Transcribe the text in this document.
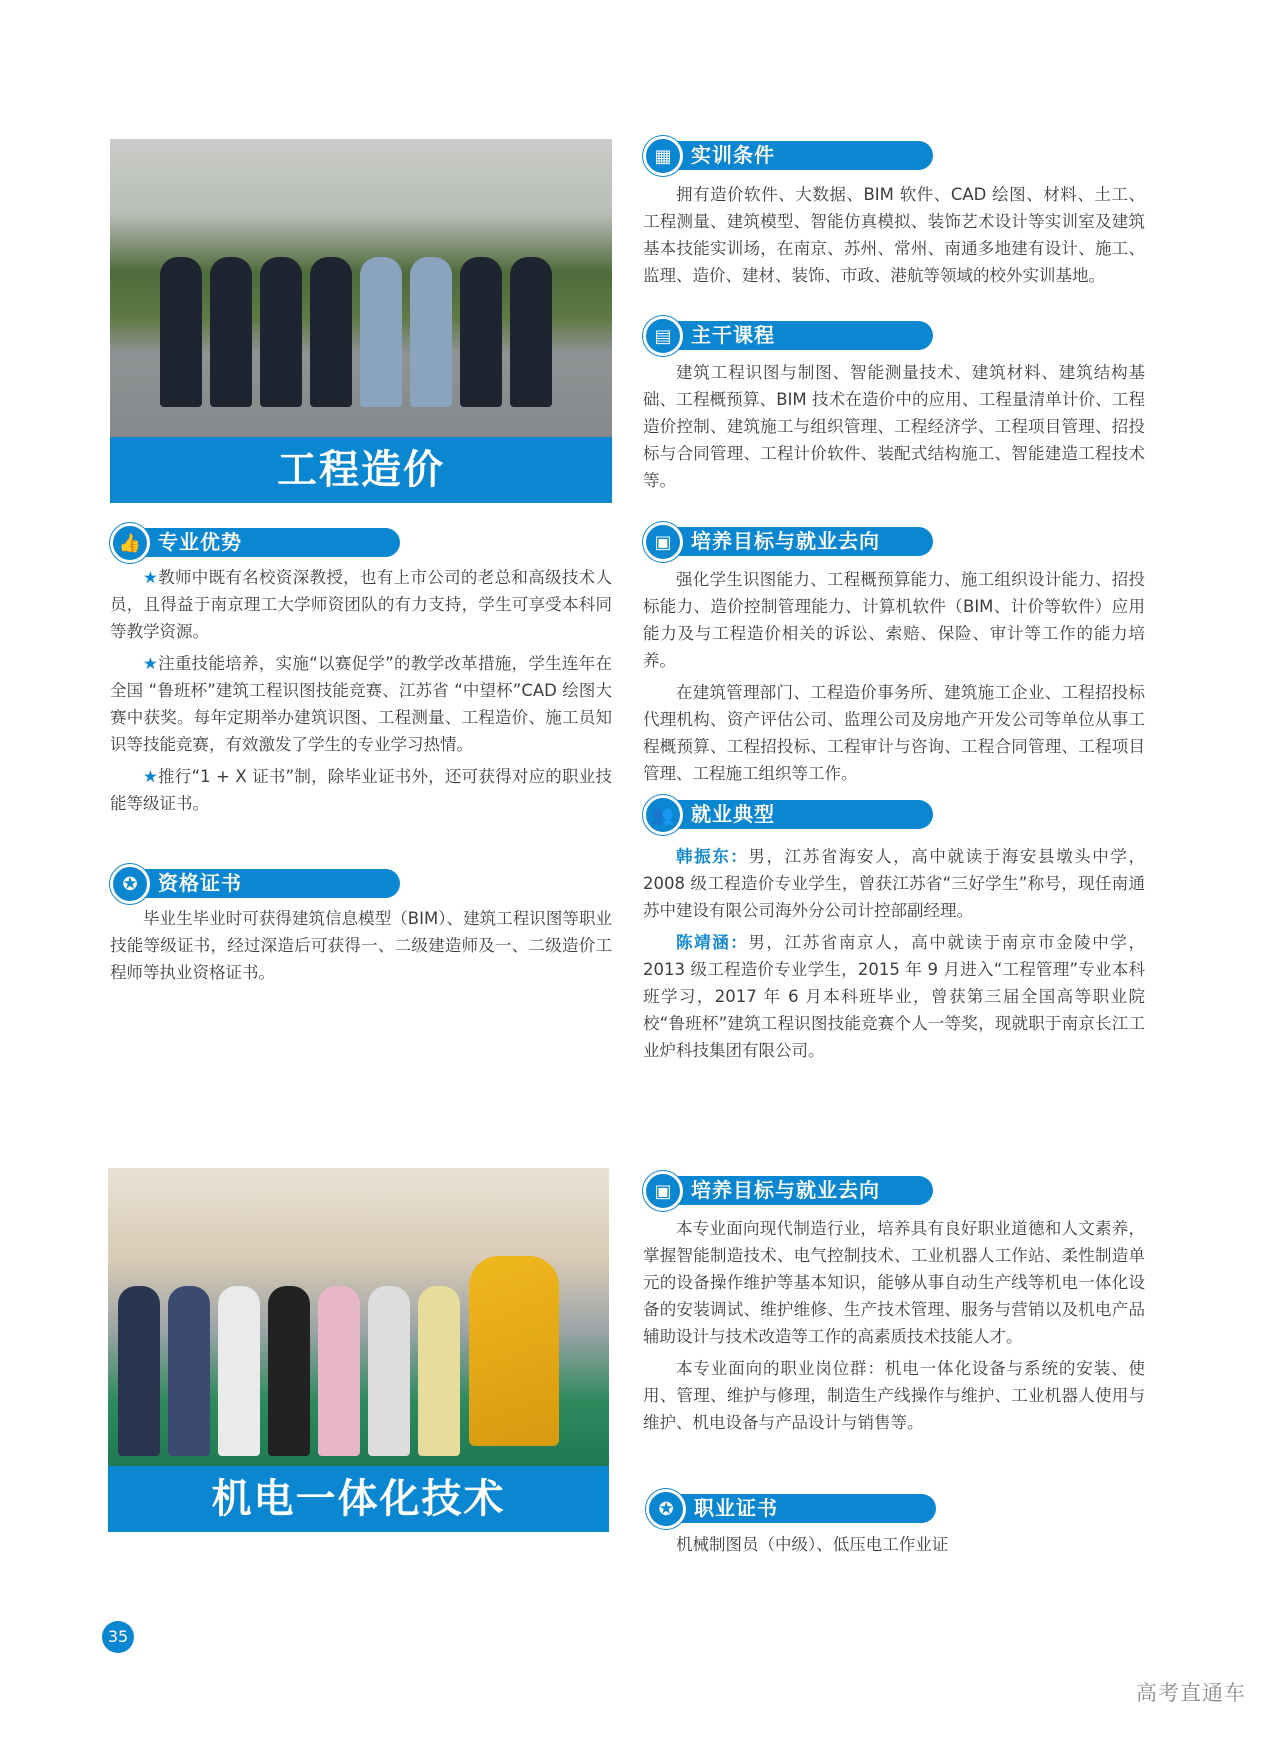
工程造价
👍 专业优势

★教师中既有名校资深教授，也有上市公司的老总和高级技术人员，且得益于南京理工大学师资团队的有力支持，学生可享受本科同等教学资源。

★注重技能培养，实施“以赛促学”的教学改革措施，学生连年在全国 “鲁班杯”建筑工程识图技能竞赛、江苏省 “中望杯”CAD 绘图大赛中获奖。每年定期举办建筑识图、工程测量、工程造价、施工员知识等技能竞赛，有效激发了学生的专业学习热情。

★推行“1 + X 证书”制，除毕业证书外，还可获得对应的职业技能等级证书。

✪	资格证书

毕业生毕业时可获得建筑信息模型（BIM）、建筑工程识图等职业技能等级证书，经过深造后可获得一、二级建造师及一、二级造价工程师等执业资格证书。

▦ 实训条件

拥有造价软件、大数据、BIM 软件、CAD 绘图、材料、土工、工程测量、建筑模型、智能仿真模拟、装饰艺术设计等实训室及建筑基本技能实训场，在南京、苏州、常州、南通多地建有设计、施工、监理、造价、建材、装饰、市政、港航等领域的校外实训基地。

▤ 主干课程

建筑工程识图与制图、智能测量技术、建筑材料、建筑结构基础、工程概预算、BIM 技术在造价中的应用、工程量清单计价、工程造价控制、建筑施工与组织管理、工程经济学、工程项目管理、招投标与合同管理、工程计价软件、装配式结构施工、智能建造工程技术等。

▣ 培养目标与就业去向

强化学生识图能力、工程概预算能力、施工组织设计能力、招投标能力、造价控制管理能力、计算机软件（BIM、计价等软件）应用能力及与工程造价相关的诉讼、索赔、保险、审计等工作的能力培养。

在建筑管理部门、工程造价事务所、建筑施工企业、工程招投标代理机构、资产评估公司、监理公司及房地产开发公司等单位从事工程概预算、工程招投标、工程审计与咨询、工程合同管理、工程项目管理、工程施工组织等工作。

👥 就业典型

韩振东：男，江苏省海安人，高中就读于海安县墩头中学，2008 级工程造价专业学生，曾获江苏省“三好学生”称号，现任南通苏中建设有限公司海外分公司计控部副经理。

陈靖涵：男，江苏省南京人，高中就读于南京市金陵中学，2013 级工程造价专业学生，2015 年 9 月进入“工程管理”专业本科班学习，2017 年 6 月本科班毕业，曾获第三届全国高等职业院校“鲁班杯”建筑工程识图技能竞赛个人一等奖，现就职于南京长江工业炉科技集团有限公司。

机电一体化技术
▣ 培养目标与就业去向

本专业面向现代制造行业，培养具有良好职业道德和人文素养，掌握智能制造技术、电气控制技术、工业机器人工作站、柔性制造单元的设备操作维护等基本知识，能够从事自动生产线等机电一体化设备的安装调试、维护维修、生产技术管理、服务与营销以及机电产品辅助设计与技术改造等工作的高素质技术技能人才。

本专业面向的职业岗位群：机电一体化设备与系统的安装、使用、管理、维护与修理，制造生产线操作与维护、工业机器人使用与维护、机电设备与产品设计与销售等。

✪	职业证书

机械制图员（中级）、低压电工作业证

35
高考直通车
